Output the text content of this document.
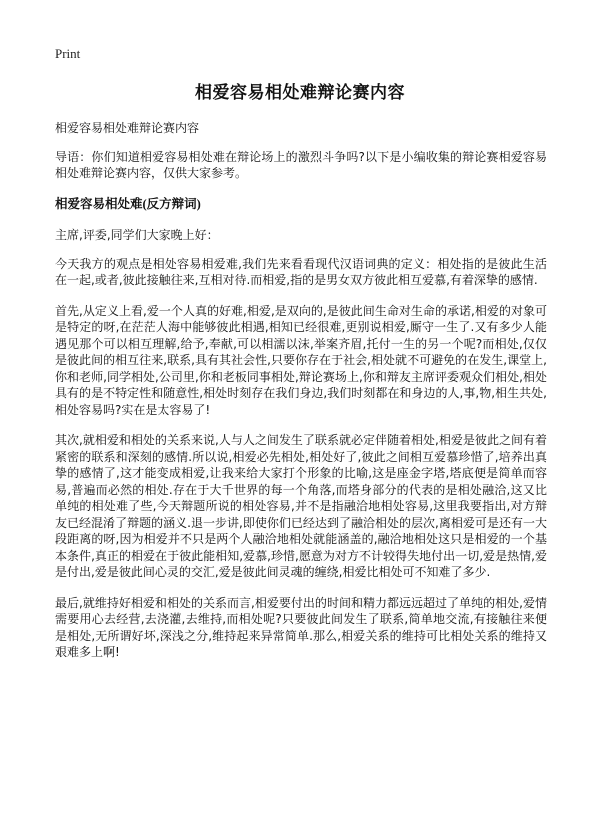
Print
相爱容易相处难辩论赛内容

相爱容易相处难辩论赛内容

导语：你们知道相爱容易相处难在辩论场上的激烈斗争吗?以下是小编收集的辩论赛相爱容易相处难辩论赛内容，仅供大家参考。

相爱容易相处难(反方辩词)

主席,评委,同学们大家晚上好：

今天我方的观点是相处容易相爱难,我们先来看看现代汉语词典的定义：相处指的是彼此生活在一起,或者,彼此接触往来,互相对待.而相爱,指的是男女双方彼此相互爱慕,有着深挚的感情.

首先,从定义上看,爱一个人真的好难,相爱,是双向的,是彼此间生命对生命的承诺,相爱的对象可是特定的呀,在茫茫人海中能够彼此相遇,相知已经很难,更别说相爱,厮守一生了.又有多少人能遇见那个可以相互理解,给予,奉献,可以相濡以沫,举案齐眉,托付一生的另一个呢?而相处,仅仅是彼此间的相互往来,联系,具有其社会性,只要你存在于社会,相处就不可避免的在发生,课堂上,你和老师,同学相处,公司里,你和老板同事相处,辩论赛场上,你和辩友主席评委观众们相处,相处具有的是不特定性和随意性,相处时刻存在我们身边,我们时刻都在和身边的人,事,物,相生共处,相处容易吗?实在是太容易了!

其次,就相爱和相处的关系来说,人与人之间发生了联系就必定伴随着相处,相爱是彼此之间有着紧密的联系和深刻的感情.所以说,相爱必先相处,相处好了,彼此之间相互爱慕珍惜了,培养出真挚的感情了,这才能变成相爱,让我来给大家打个形象的比喻,这是座金字塔,塔底便是简单而容易,普遍而必然的相处.存在于大千世界的每一个角落,而塔身部分的代表的是相处融洽,这又比单纯的相处难了些,今天辩题所说的相处容易,并不是指融洽地相处容易,这里我要指出,对方辩友已经混淆了辩题的涵义.退一步讲,即使你们已经达到了融洽相处的层次,离相爱可是还有一大段距离的呀,因为相爱并不只是两个人融洽地相处就能涵盖的,融洽地相处这只是相爱的一个基本条件,真正的相爱在于彼此能相知,爱慕,珍惜,愿意为对方不计较得失地付出一切,爱是热情,爱是付出,爱是彼此间心灵的交汇,爱是彼此间灵魂的缠绕,相爱比相处可不知难了多少.

最后,就维持好相爱和相处的关系而言,相爱要付出的时间和精力都远远超过了单纯的相处,爱情需要用心去经营,去浇灌,去维持,而相处呢?只要彼此间发生了联系,简单地交流,有接触往来便是相处,无所谓好坏,深浅之分,维持起来异常简单.那么,相爱关系的维持可比相处关系的维持又艰难多上啊!
